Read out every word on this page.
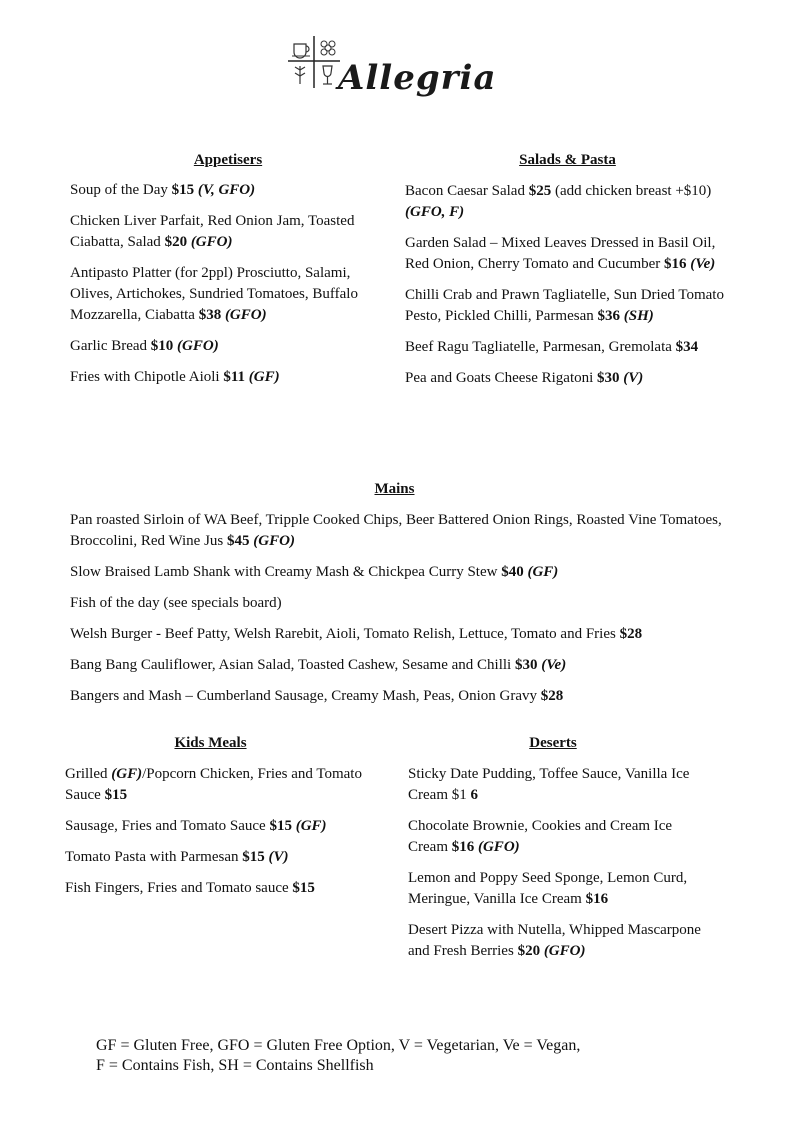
Allegria
Appetisers
Soup of the Day $15 (V, GFO)
Chicken Liver Parfait, Red Onion Jam, Toasted Ciabatta, Salad $20 (GFO)
Antipasto Platter (for 2ppl) Prosciutto, Salami, Olives, Artichokes, Sundried Tomatoes, Buffalo Mozzarella, Ciabatta $38 (GFO)
Garlic Bread $10 (GFO)
Fries with Chipotle Aioli $11 (GF)
Salads & Pasta
Bacon Caesar Salad $25 (add chicken breast +$10) (GFO, F)
Garden Salad – Mixed Leaves Dressed in Basil Oil, Red Onion, Cherry Tomato and Cucumber $16 (Ve)
Chilli Crab and Prawn Tagliatelle, Sun Dried Tomato Pesto, Pickled Chilli, Parmesan $36 (SH)
Beef Ragu Tagliatelle, Parmesan, Gremolata $34
Pea and Goats Cheese Rigatoni $30 (V)
Mains
Pan roasted Sirloin of WA Beef, Tripple Cooked Chips, Beer Battered Onion Rings, Roasted Vine Tomatoes, Broccolini, Red Wine Jus $45 (GFO)
Slow Braised Lamb Shank with Creamy Mash & Chickpea Curry Stew $40 (GF)
Fish of the day (see specials board)
Welsh Burger - Beef Patty, Welsh Rarebit, Aioli, Tomato Relish, Lettuce, Tomato and Fries $28
Bang Bang Cauliflower, Asian Salad, Toasted Cashew, Sesame and Chilli $30 (Ve)
Bangers and Mash – Cumberland Sausage, Creamy Mash, Peas, Onion Gravy $28
Kids Meals
Grilled (GF)/Popcorn Chicken, Fries and Tomato Sauce $15
Sausage, Fries and Tomato Sauce $15 (GF)
Tomato Pasta with Parmesan $15 (V)
Fish Fingers, Fries and Tomato sauce $15
Deserts
Sticky Date Pudding, Toffee Sauce, Vanilla Ice Cream $1 6
Chocolate Brownie, Cookies and Cream Ice Cream $16 (GFO)
Lemon and Poppy Seed Sponge, Lemon Curd, Meringue, Vanilla Ice Cream $16
Desert Pizza with Nutella, Whipped Mascarpone and Fresh Berries $20 (GFO)
GF = Gluten Free, GFO = Gluten Free Option, V = Vegetarian, Ve = Vegan,
F = Contains Fish, SH = Contains Shellfish
